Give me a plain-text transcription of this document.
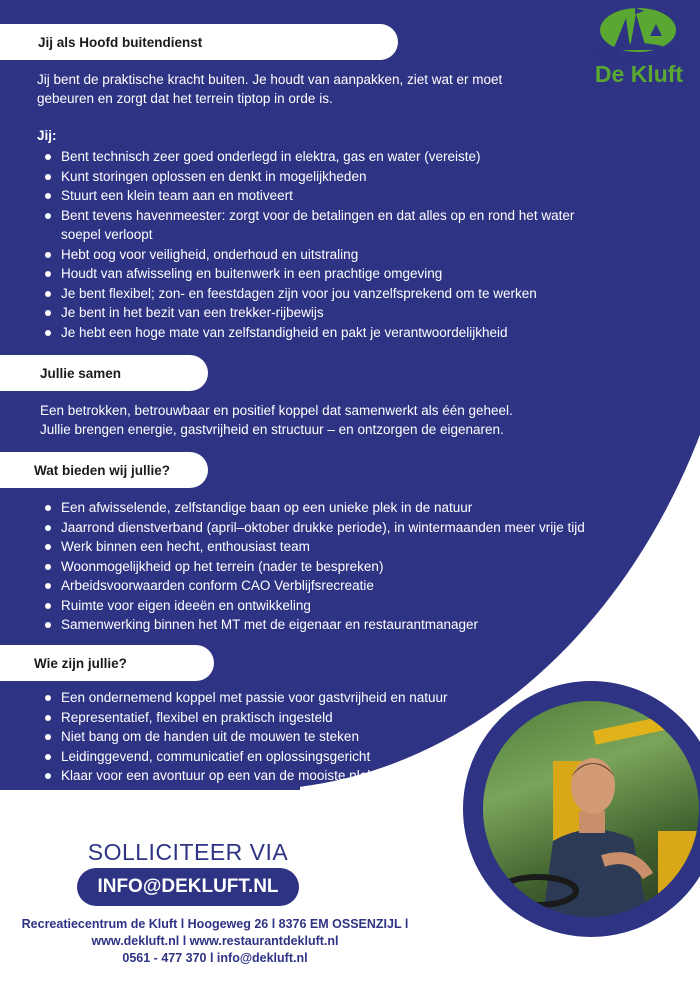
RECREATIECENTRUM
De Kluft
Jij als Hoofd buitendienst
Jij bent de praktische kracht buiten. Je houdt van aanpakken, ziet wat er moet
gebeuren en zorgt dat het terrein tiptop in orde is.
Jij:
Bent technisch zeer goed onderlegd in elektra, gas en water (vereiste)
Kunt storingen oplossen en denkt in mogelijkheden
Stuurt een klein team aan en motiveert
Bent tevens havenmeester: zorgt voor de betalingen en dat alles op en rond het water soepel verloopt
Hebt oog voor veiligheid, onderhoud en uitstraling
Houdt van afwisseling en buitenwerk in een prachtige omgeving
Je bent flexibel; zon- en feestdagen zijn voor jou vanzelfsprekend om te werken
Je bent in het bezit van een trekker-rijbewijs
Je hebt een hoge mate van zelfstandigheid en pakt je verantwoordelijkheid
Jullie samen
Een betrokken, betrouwbaar en positief koppel dat samenwerkt als één geheel.
Jullie brengen energie, gastvrijheid en structuur – en ontzorgen de eigenaren.
Wat bieden wij jullie?
Een afwisselende, zelfstandige baan op een unieke plek in de natuur
Jaarrond dienstverband (april–oktober drukke periode), in wintermaanden meer vrije tijd
Werk binnen een hecht, enthousiast team
Woonmogelijkheid op het terrein (nader te bespreken)
Arbeidsvoorwaarden conform CAO Verblijfsrecreatie
Ruimte voor eigen ideeën en ontwikkeling
Samenwerking binnen het MT met de eigenaar en restaurantmanager
Wie zijn jullie?
Een ondernemend koppel met passie voor gastvrijheid en natuur
Representatief, flexibel en praktisch ingesteld
Niet bang om de handen uit de mouwen te steken
Leidinggevend, communicatief en oplossingsgericht
Klaar voor een avontuur op een van de mooiste plekken van Nederland
SOLLICITEER VIA
INFO@DEKLUFT.NL
Recreatiecentrum de Kluft l Hoogeweg 26 l 8376 EM OSSENZIJL l
www.dekluft.nl l www.restaurantdekluft.nl
0561 - 477 370 l info@dekluft.nl
